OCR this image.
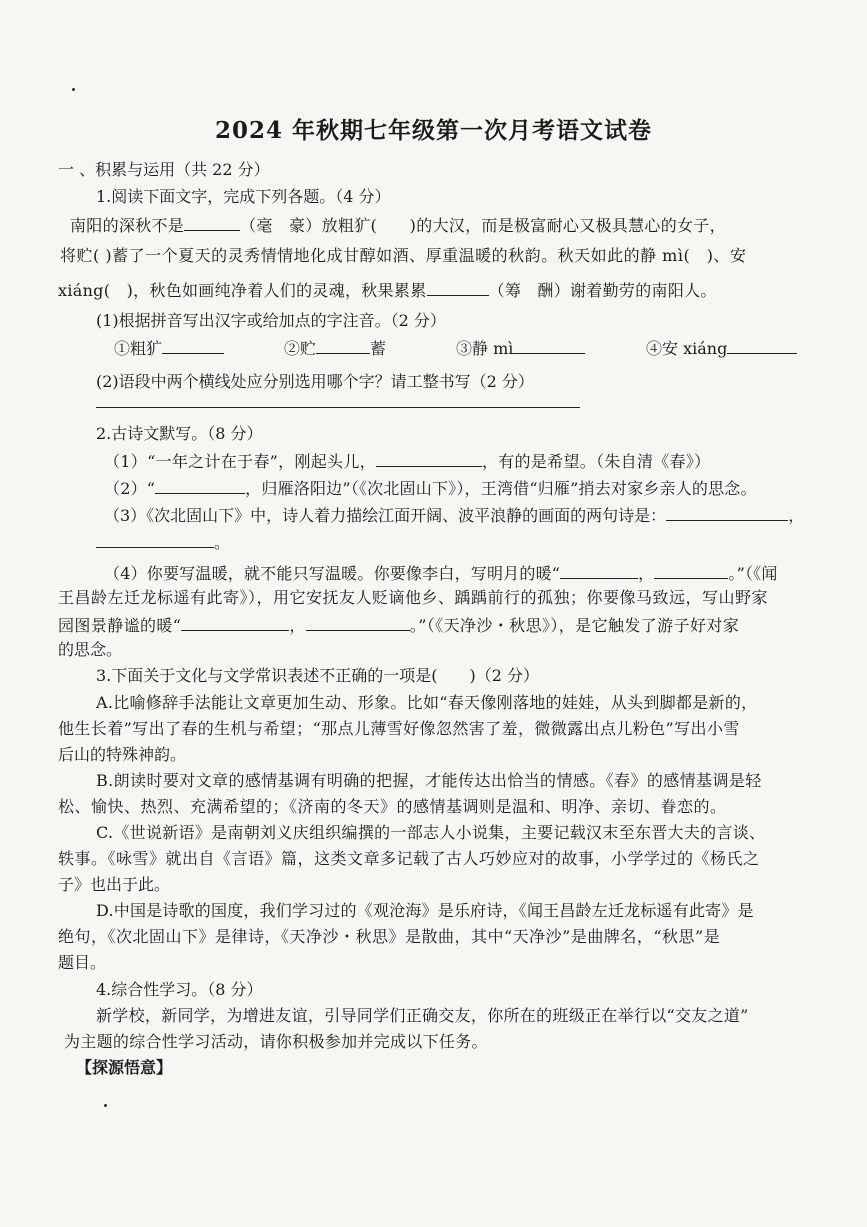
2024 年秋期七年级第一次月考语文试卷
一 、积累与运用（共 22 分）
1.阅读下面文字，完成下列各题。（4 分）
南阳的深秋不是	（毫　豪）放粗犷(　　)的大汉，而是极富耐心又极具慧心的女子，
将贮( )蓄了一个夏天的灵秀情情地化成甘醇如酒、厚重温暖的秋韵。秋天如此的静 mì(　)、安
xiáng(　)，秋色如画纯净着人们的灵魂，秋果累累	（筹　酬）谢着勤劳的南阳人。
(1)根据拼音写出汉字或给加点的字注音。（2 分）
①粗犷	②贮	蓄	③静 mì	④安 xiáng
(2)语段中两个横线处应分别选用哪个字？请工整书写（2 分）
2.古诗文默写。（8 分）
（1）“一年之计在于春”，刚起头儿，	，有的是希望。（朱自清《春》）
（2）“	，归雁洛阳边”（《次北固山下》），王湾借“归雁”捎去对家乡亲人的思念。
（3）《次北固山下》中，诗人着力描绘江面开阔、波平浪静的画面的两句诗是：	，
。
（4）你要写温暖，就不能只写温暖。你要像李白，写明月的暖“	，	。”（《闻
王昌龄左迁龙标遥有此寄》），用它安抚友人贬谪他乡、踽踽前行的孤独；你要像马致远，写山野家
园图景静谧的暖“	，	。”（《天净沙・秋思》），是它触发了游子好对家
的思念。
3.下面关于文化与文学常识表述不正确的一项是(　　)（2 分）
A.比喻修辞手法能让文章更加生动、形象。比如“春天像刚落地的娃娃，从头到脚都是新的，
他生长着”写出了春的生机与希望；“那点儿薄雪好像忽然害了羞，微微露出点儿粉色”写出小雪
后山的特殊神韵。
B.朗读时要对文章的感情基调有明确的把握，才能传达出恰当的情感。《春》的感情基调是轻
松、愉快、热烈、充满希望的；《济南的冬天》的感情基调则是温和、明净、亲切、眷恋的。
C.《世说新语》是南朝刘义庆组织编撰的一部志人小说集，主要记载汉末至东晋大夫的言谈、
轶事。《咏雪》就出自《言语》篇，这类文章多记载了古人巧妙应对的故事，小学学过的《杨氏之
子》也出于此。
D.中国是诗歌的国度，我们学习过的《观沧海》是乐府诗，《闻王昌龄左迁龙标遥有此寄》是
绝句，《次北固山下》是律诗，《天净沙・秋思》是散曲，其中“天净沙”是曲牌名，“秋思”是
题目。
4.综合性学习。（8 分）
新学校，新同学，为增进友谊，引导同学们正确交友，你所在的班级正在举行以“交友之道”
为主题的综合性学习活动，请你积极参加并完成以下任务。
【探源悟意】
